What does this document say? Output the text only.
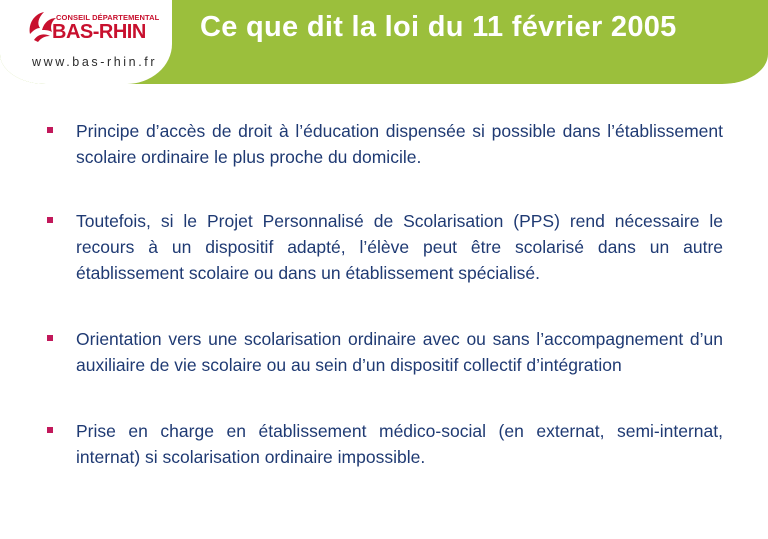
CONSEIL DÉPARTEMENTAL
BAS-RHIN
www.bas-rhin.fr
Ce que dit la loi du 11 février 2005
Principe d’accès de droit à l’éducation dispensée si possible dans l’établissement scolaire ordinaire le plus proche du domicile.
Toutefois, si le Projet Personnalisé de Scolarisation (PPS) rend nécessaire le recours à un dispositif adapté, l’élève peut être scolarisé dans un autre établissement scolaire ou dans un établissement spécialisé.
Orientation vers une scolarisation ordinaire avec ou sans l’accompagnement d’un auxiliaire de vie scolaire ou au sein d’un dispositif collectif d’intégration
Prise en charge en établissement médico-social (en externat, semi-internat, internat) si scolarisation ordinaire impossible.
